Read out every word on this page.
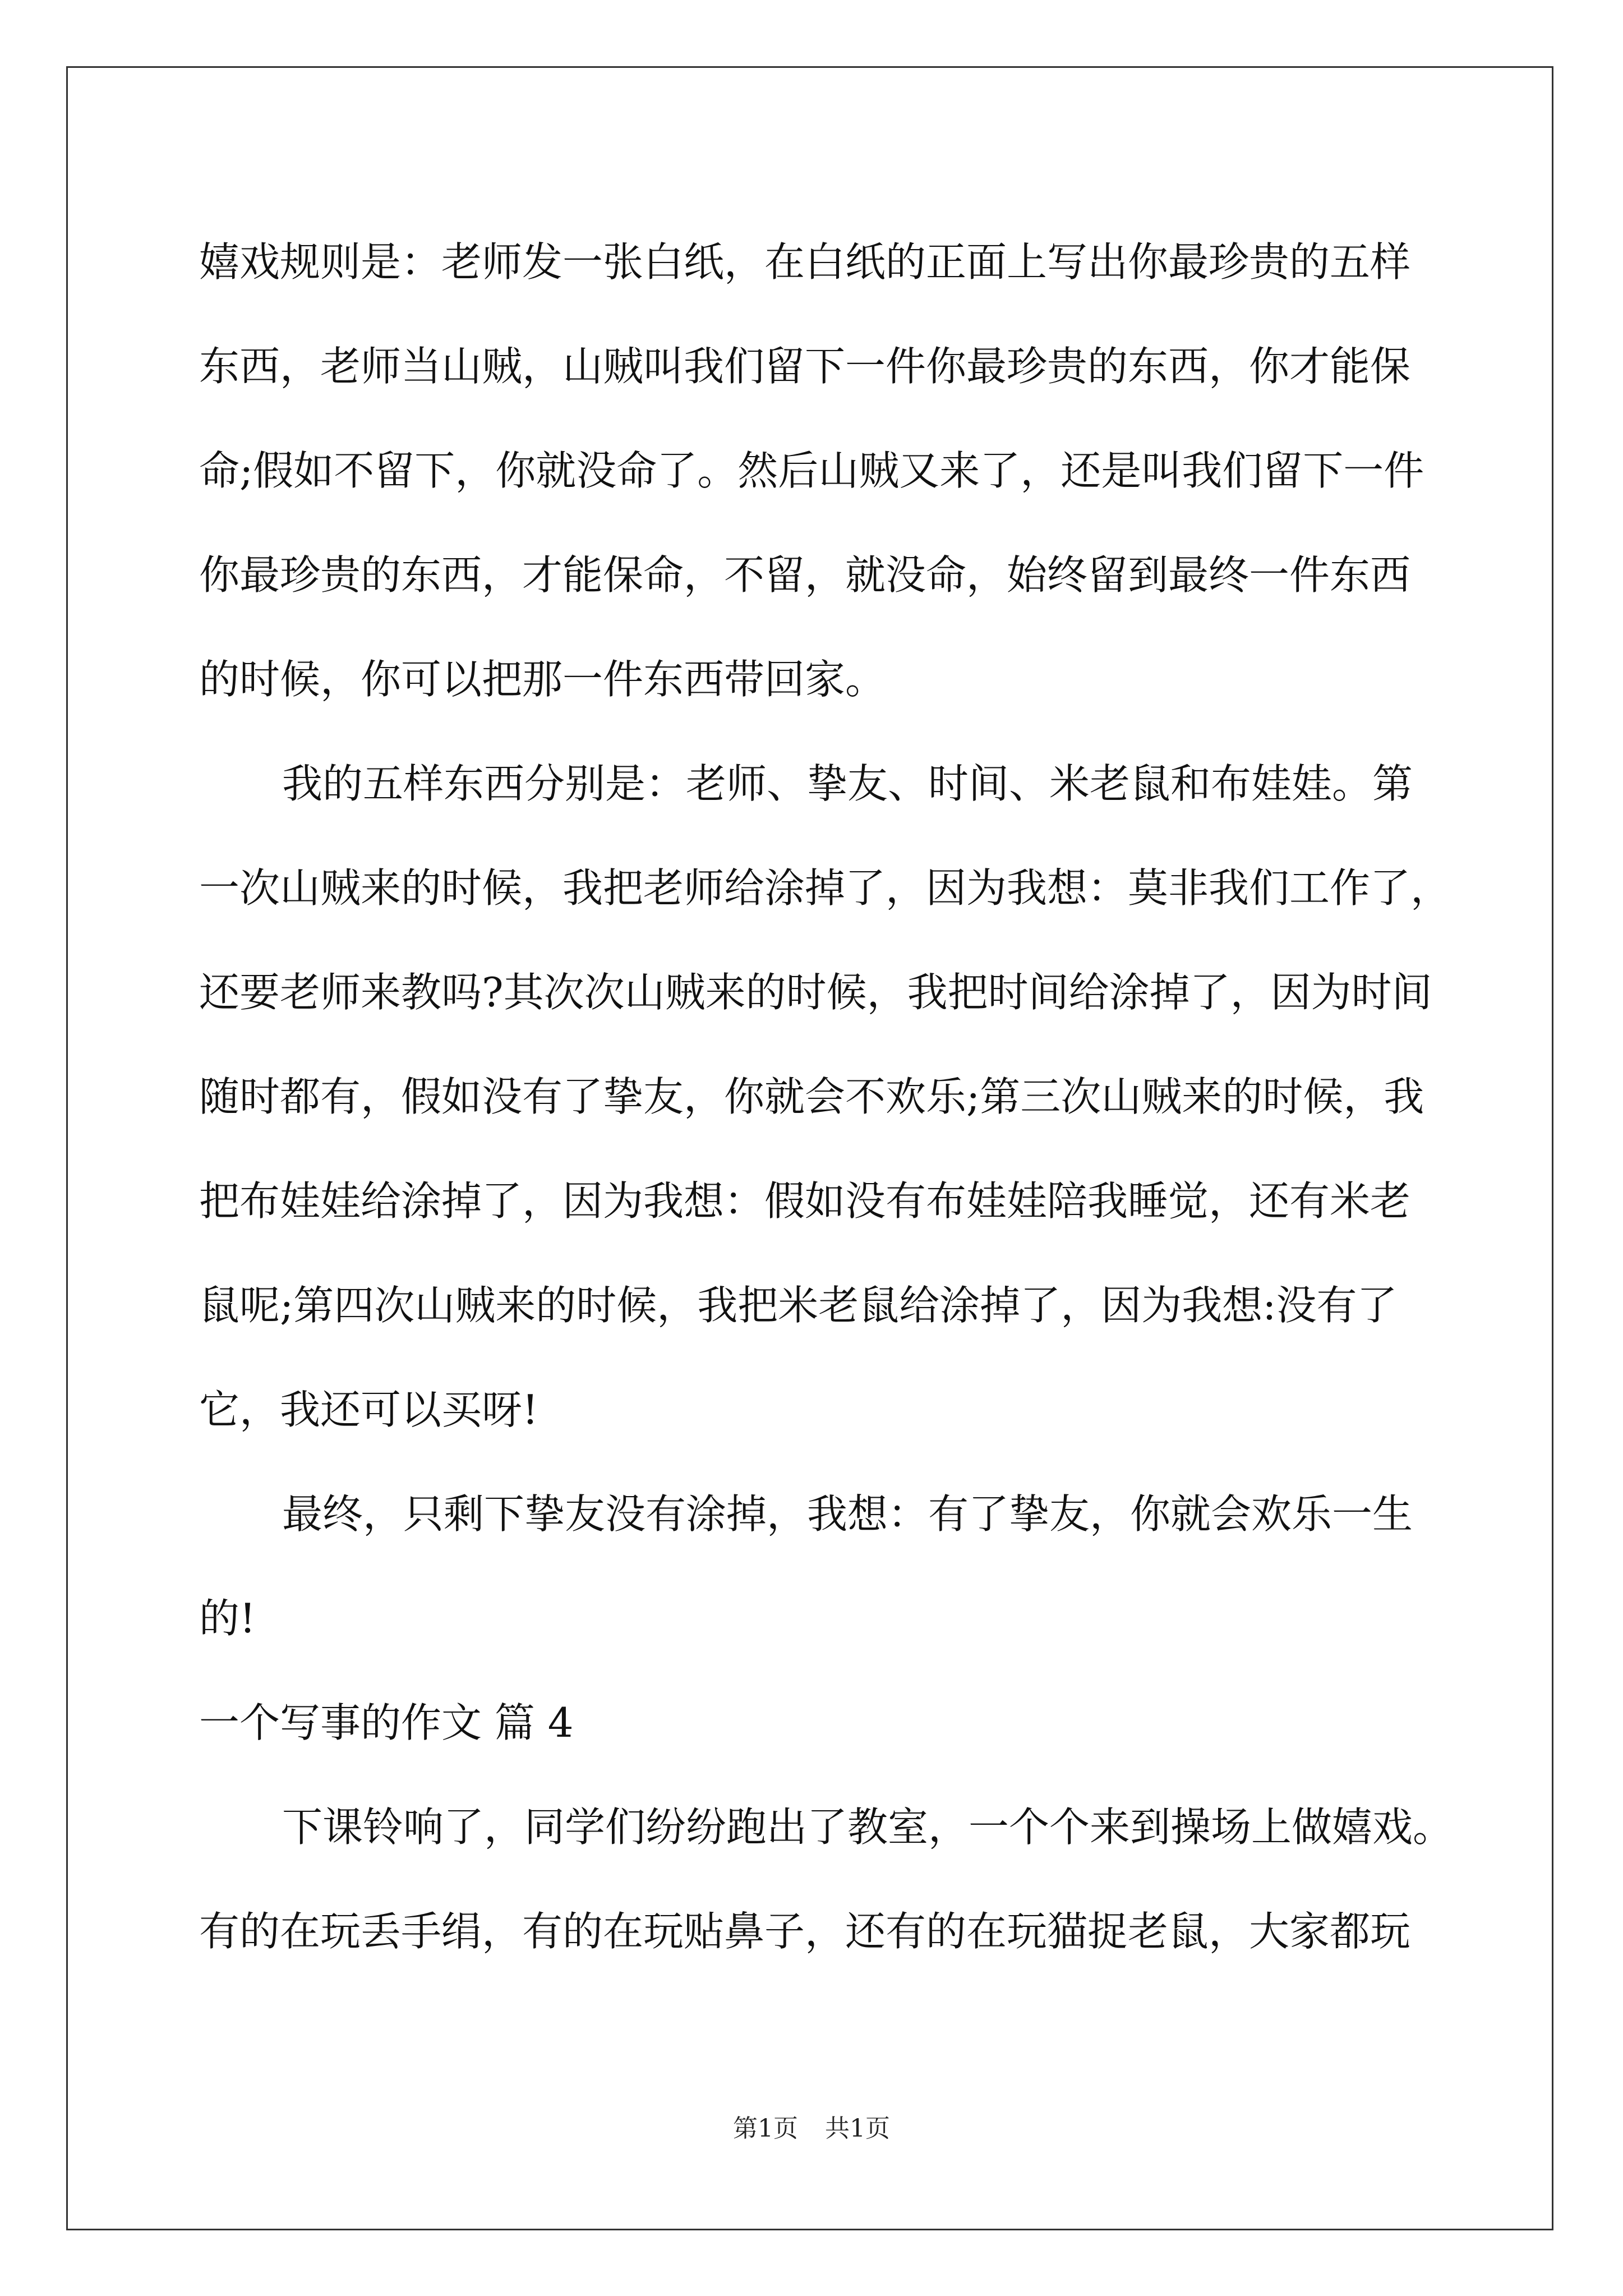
嬉戏规则是：老师发一张白纸，在白纸的正面上写出你最珍贵的五样
东西，老师当山贼，山贼叫我们留下一件你最珍贵的东西，你才能保
命;假如不留下，你就没命了。然后山贼又来了，还是叫我们留下一件
你最珍贵的东西，才能保命，不留，就没命，始终留到最终一件东西
的时候，你可以把那一件东西带回家。
我的五样东西分别是：老师、挚友、时间、米老鼠和布娃娃。第
一次山贼来的时候，我把老师给涂掉了，因为我想：莫非我们工作了，
还要老师来教吗?其次次山贼来的时候，我把时间给涂掉了，因为时间
随时都有，假如没有了挚友，你就会不欢乐;第三次山贼来的时候，我
把布娃娃给涂掉了，因为我想：假如没有布娃娃陪我睡觉，还有米老
鼠呢;第四次山贼来的时候，我把米老鼠给涂掉了，因为我想:没有了
它，我还可以买呀!
最终，只剩下挚友没有涂掉，我想：有了挚友，你就会欢乐一生
的!
一个写事的作文 篇 4
下课铃响了，同学们纷纷跑出了教室，一个个来到操场上做嬉戏。
有的在玩丢手绢，有的在玩贴鼻子，还有的在玩猫捉老鼠，大家都玩
第1页 共1页
